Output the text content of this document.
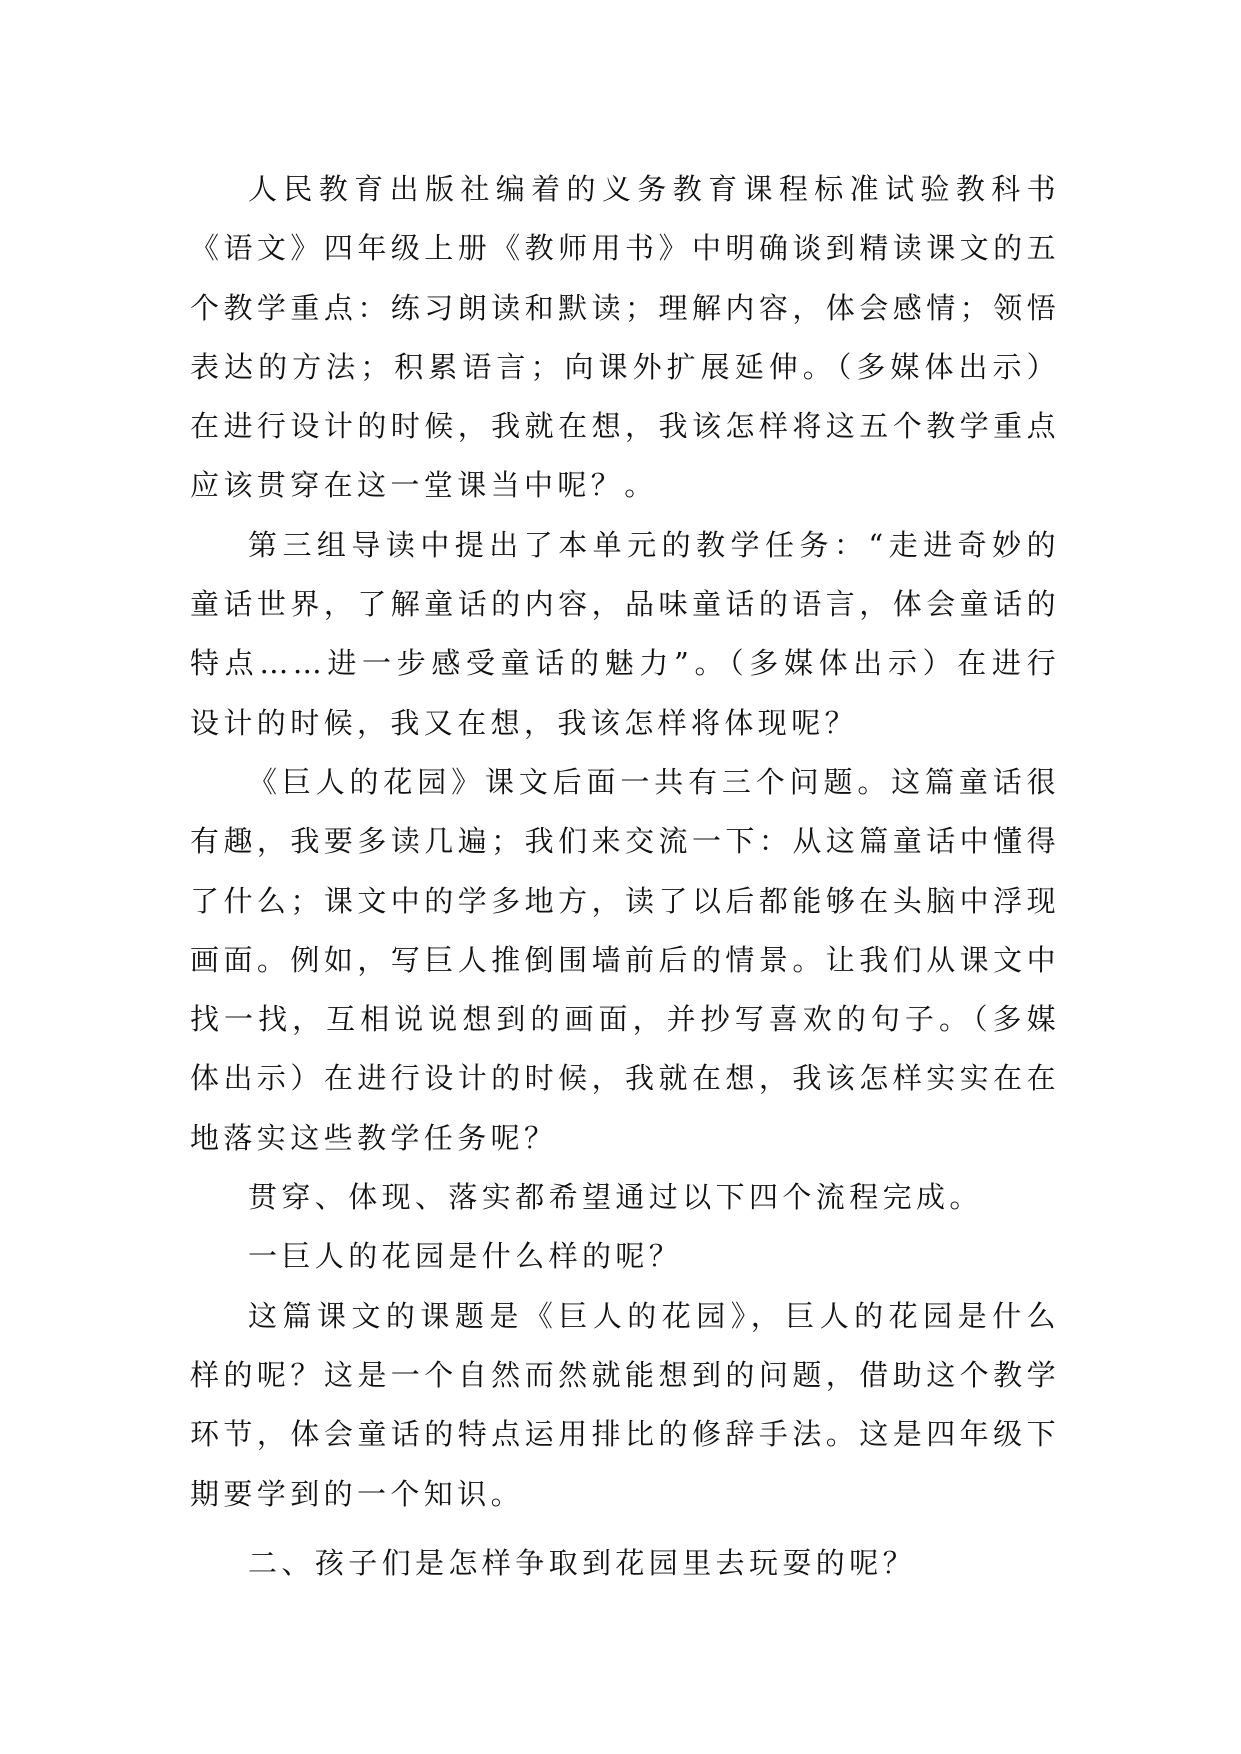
人民教育出版社编着的义务教育课程标准试验教科书《语文》四年级上册《教师用书》中明确谈到精读课文的五个教学重点：练习朗读和默读；理解内容，体会感情；领悟表达的方法；积累语言；向课外扩展延伸。（多媒体出示）在进行设计的时候，我就在想，我该怎样将这五个教学重点应该贯穿在这一堂课当中呢？。

第三组导读中提出了本单元的教学任务：“走进奇妙的童话世界，了解童话的内容，品味童话的语言，体会童话的特点……进一步感受童话的魅力”。（多媒体出示）在进行设计的时候，我又在想，我该怎样将体现呢？

《巨人的花园》课文后面一共有三个问题。这篇童话很有趣，我要多读几遍；我们来交流一下：从这篇童话中懂得了什么；课文中的学多地方，读了以后都能够在头脑中浮现画面。例如，写巨人推倒围墙前后的情景。让我们从课文中找一找，互相说说想到的画面，并抄写喜欢的句子。（多媒体出示）在进行设计的时候，我就在想，我该怎样实实在在地落实这些教学任务呢？

贯穿、体现、落实都希望通过以下四个流程完成。

一巨人的花园是什么样的呢？

这篇课文的课题是《巨人的花园》，巨人的花园是什么样的呢？这是一个自然而然就能想到的问题，借助这个教学环节，体会童话的特点运用排比的修辞手法。这是四年级下期要学到的一个知识。

二、孩子们是怎样争取到花园里去玩耍的呢？
